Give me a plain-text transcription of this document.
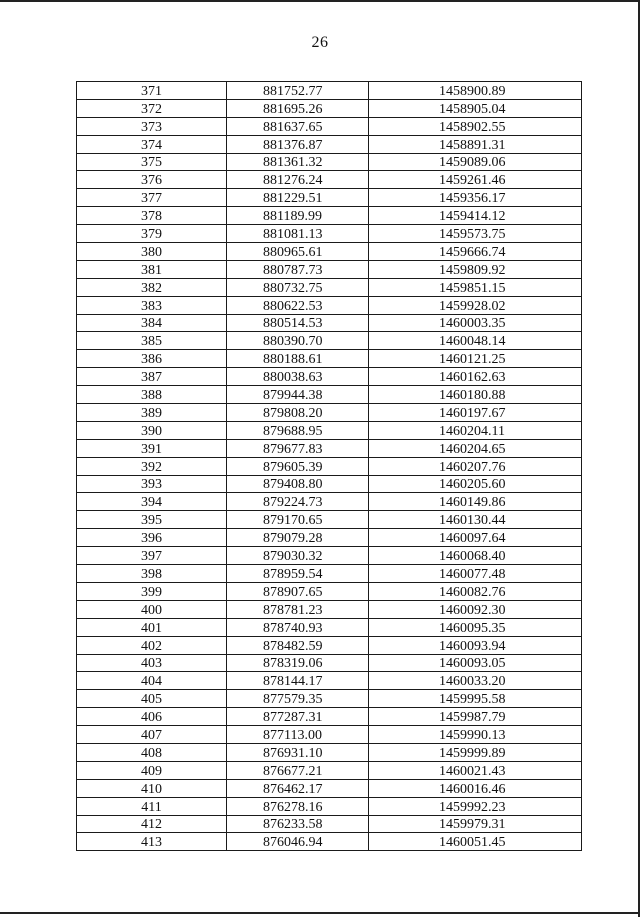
26
371	881752.77	1458900.89
372	881695.26	1458905.04
373	881637.65	1458902.55
374	881376.87	1458891.31
375	881361.32	1459089.06
376	881276.24	1459261.46
377	881229.51	1459356.17
378	881189.99	1459414.12
379	881081.13	1459573.75
380	880965.61	1459666.74
381	880787.73	1459809.92
382	880732.75	1459851.15
383	880622.53	1459928.02
384	880514.53	1460003.35
385	880390.70	1460048.14
386	880188.61	1460121.25
387	880038.63	1460162.63
388	879944.38	1460180.88
389	879808.20	1460197.67
390	879688.95	1460204.11
391	879677.83	1460204.65
392	879605.39	1460207.76
393	879408.80	1460205.60
394	879224.73	1460149.86
395	879170.65	1460130.44
396	879079.28	1460097.64
397	879030.32	1460068.40
398	878959.54	1460077.48
399	878907.65	1460082.76
400	878781.23	1460092.30
401	878740.93	1460095.35
402	878482.59	1460093.94
403	878319.06	1460093.05
404	878144.17	1460033.20
405	877579.35	1459995.58
406	877287.31	1459987.79
407	877113.00	1459990.13
408	876931.10	1459999.89
409	876677.21	1460021.43
410	876462.17	1460016.46
411	876278.16	1459992.23
412	876233.58	1459979.31
413	876046.94	1460051.45
